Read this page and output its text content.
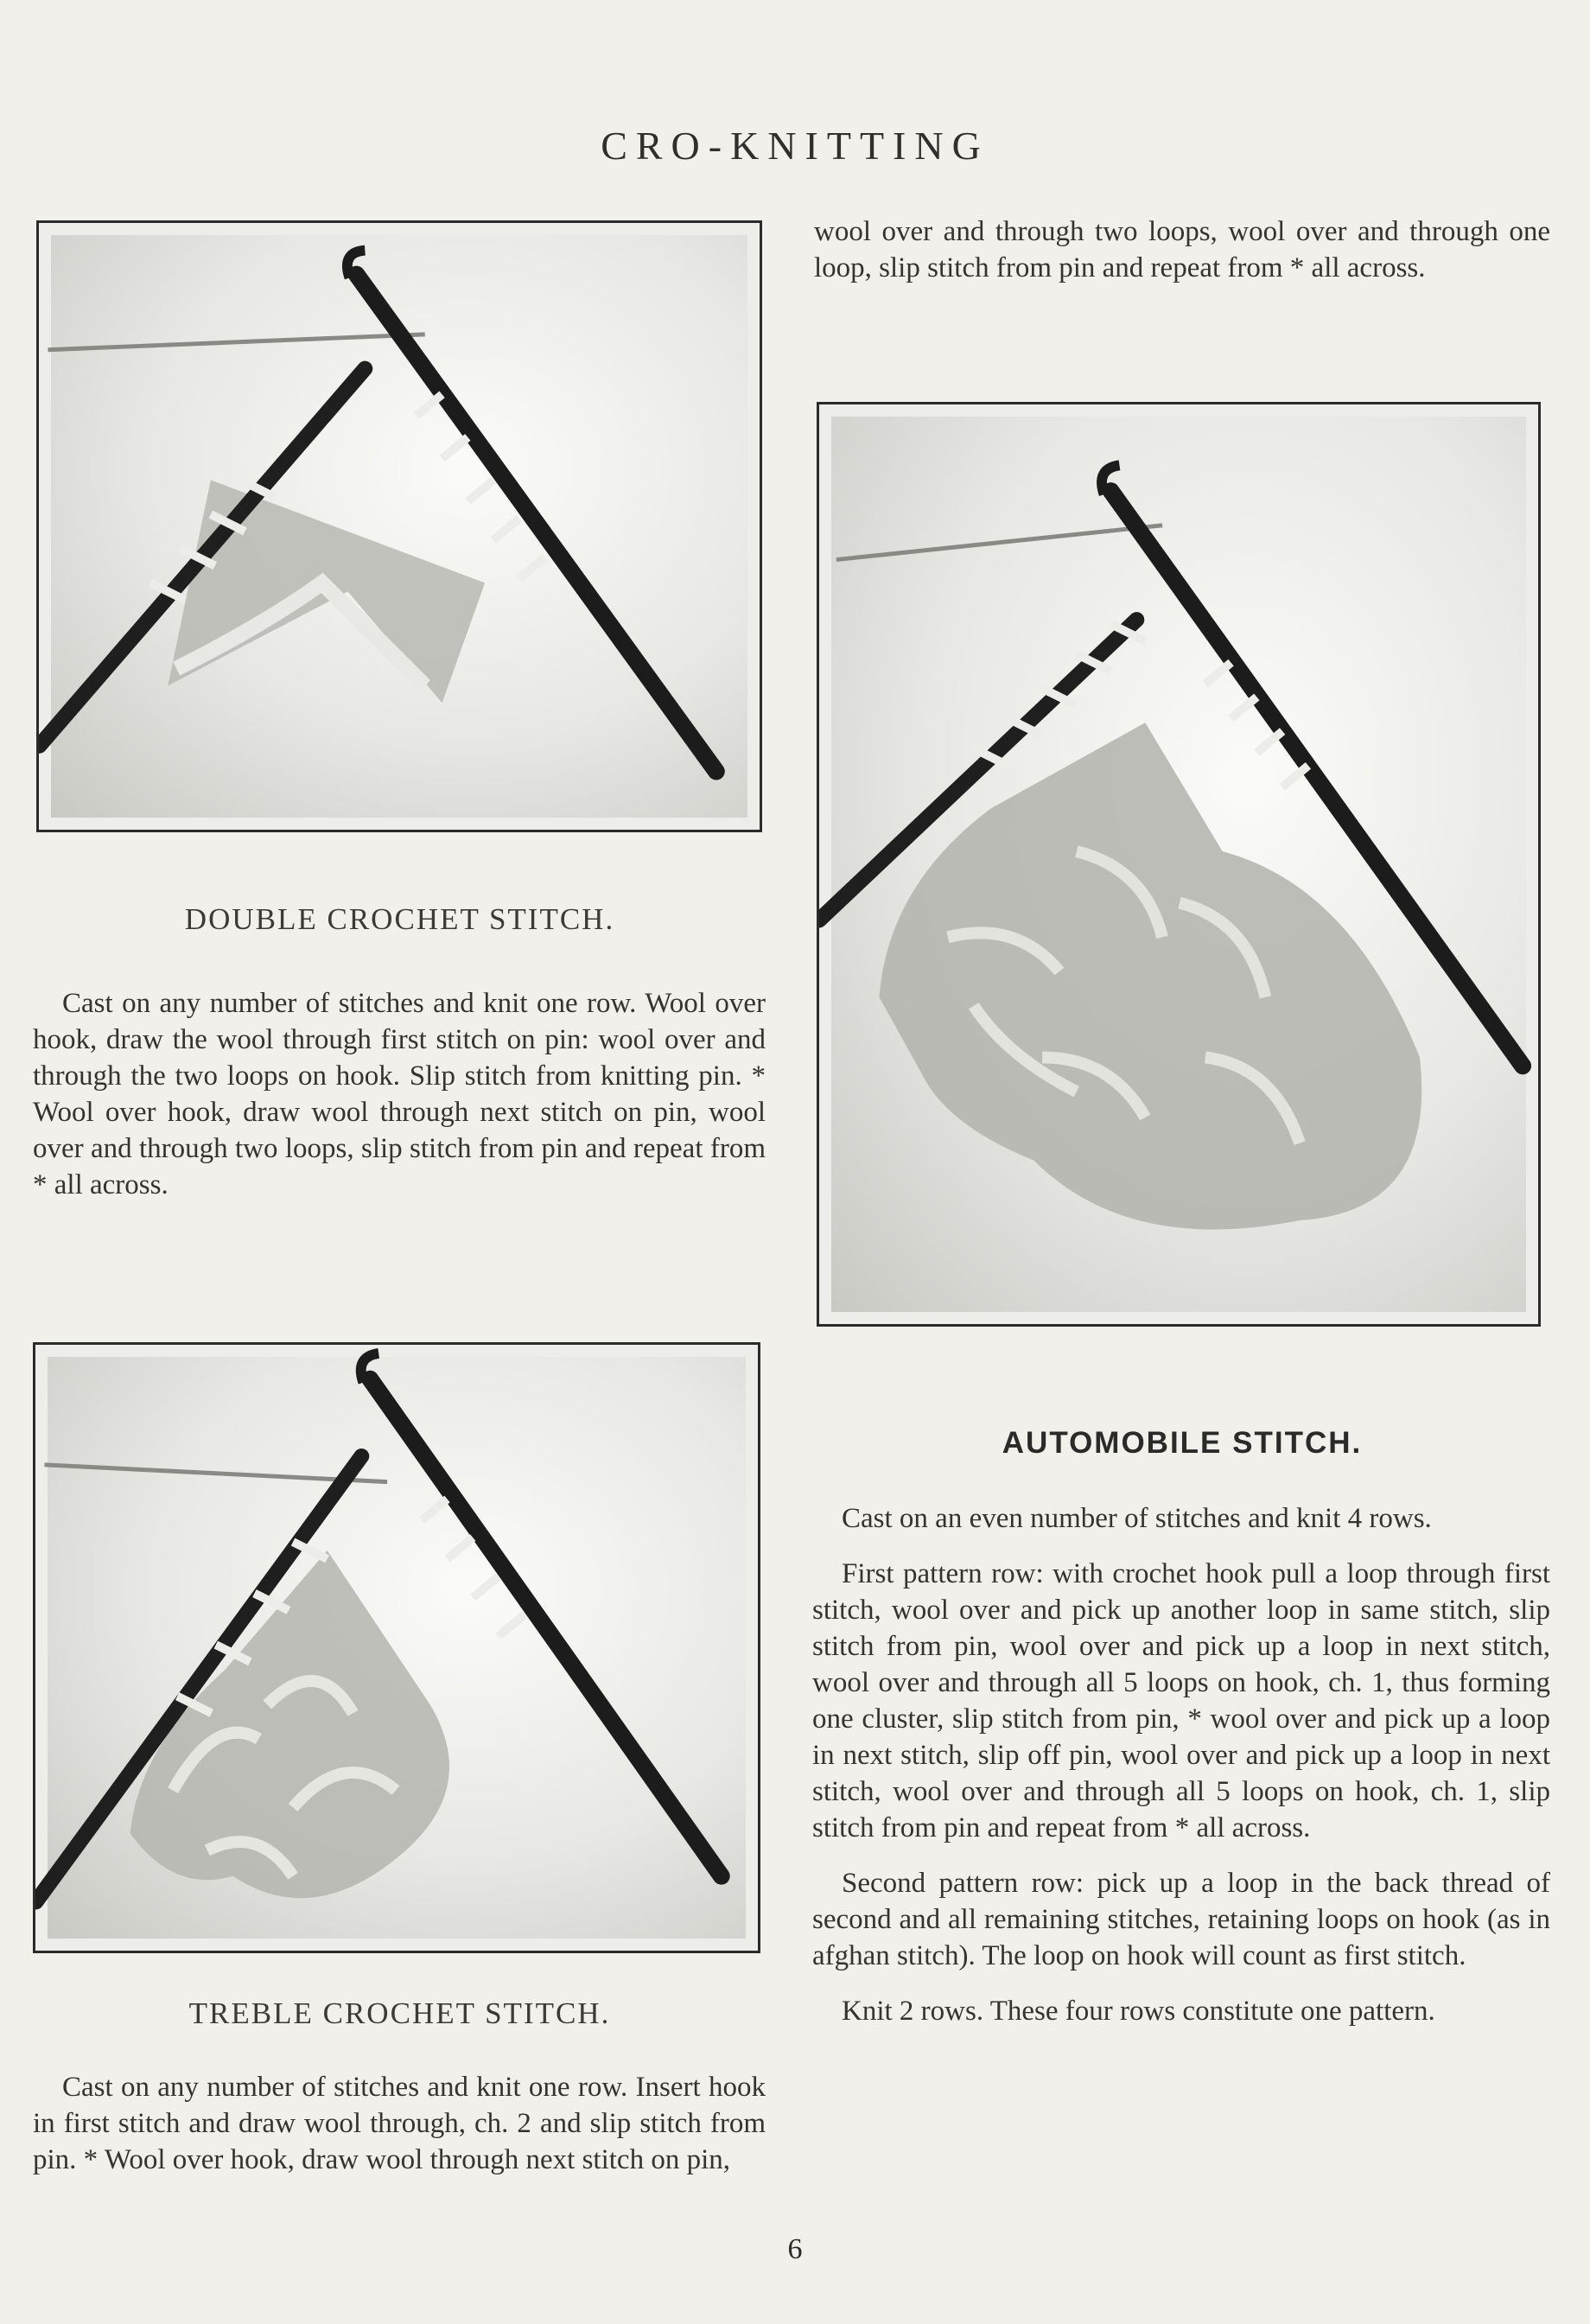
CRO-KNITTING
wool over and through two loops, wool over and through one loop, slip stitch from pin and repeat from * all across.
DOUBLE CROCHET STITCH.
Cast on any number of stitches and knit one row. Wool over hook, draw the wool through first stitch on pin: wool over and through the two loops on hook. Slip stitch from knitting pin. * Wool over hook, draw wool through next stitch on pin, wool over and through two loops, slip stitch from pin and repeat from * all across.
TREBLE CROCHET STITCH.
Cast on any number of stitches and knit one row. Insert hook in first stitch and draw wool through, ch. 2 and slip stitch from pin. * Wool over hook, draw wool through next stitch on pin,
AUTOMOBILE STITCH.
Cast on an even number of stitches and knit 4 rows.
First pattern row: with crochet hook pull a loop through first stitch, wool over and pick up another loop in same stitch, slip stitch from pin, wool over and pick up a loop in next stitch, wool over and through all 5 loops on hook, ch. 1, thus forming one cluster, slip stitch from pin, * wool over and pick up a loop in next stitch, slip off pin, wool over and pick up a loop in next stitch, wool over and through all 5 loops on hook, ch. 1, slip stitch from pin and repeat from * all across.
Second pattern row: pick up a loop in the back thread of second and all remaining stitches, retaining loops on hook (as in afghan stitch). The loop on hook will count as first stitch.
Knit 2 rows. These four rows constitute one pattern.
6
